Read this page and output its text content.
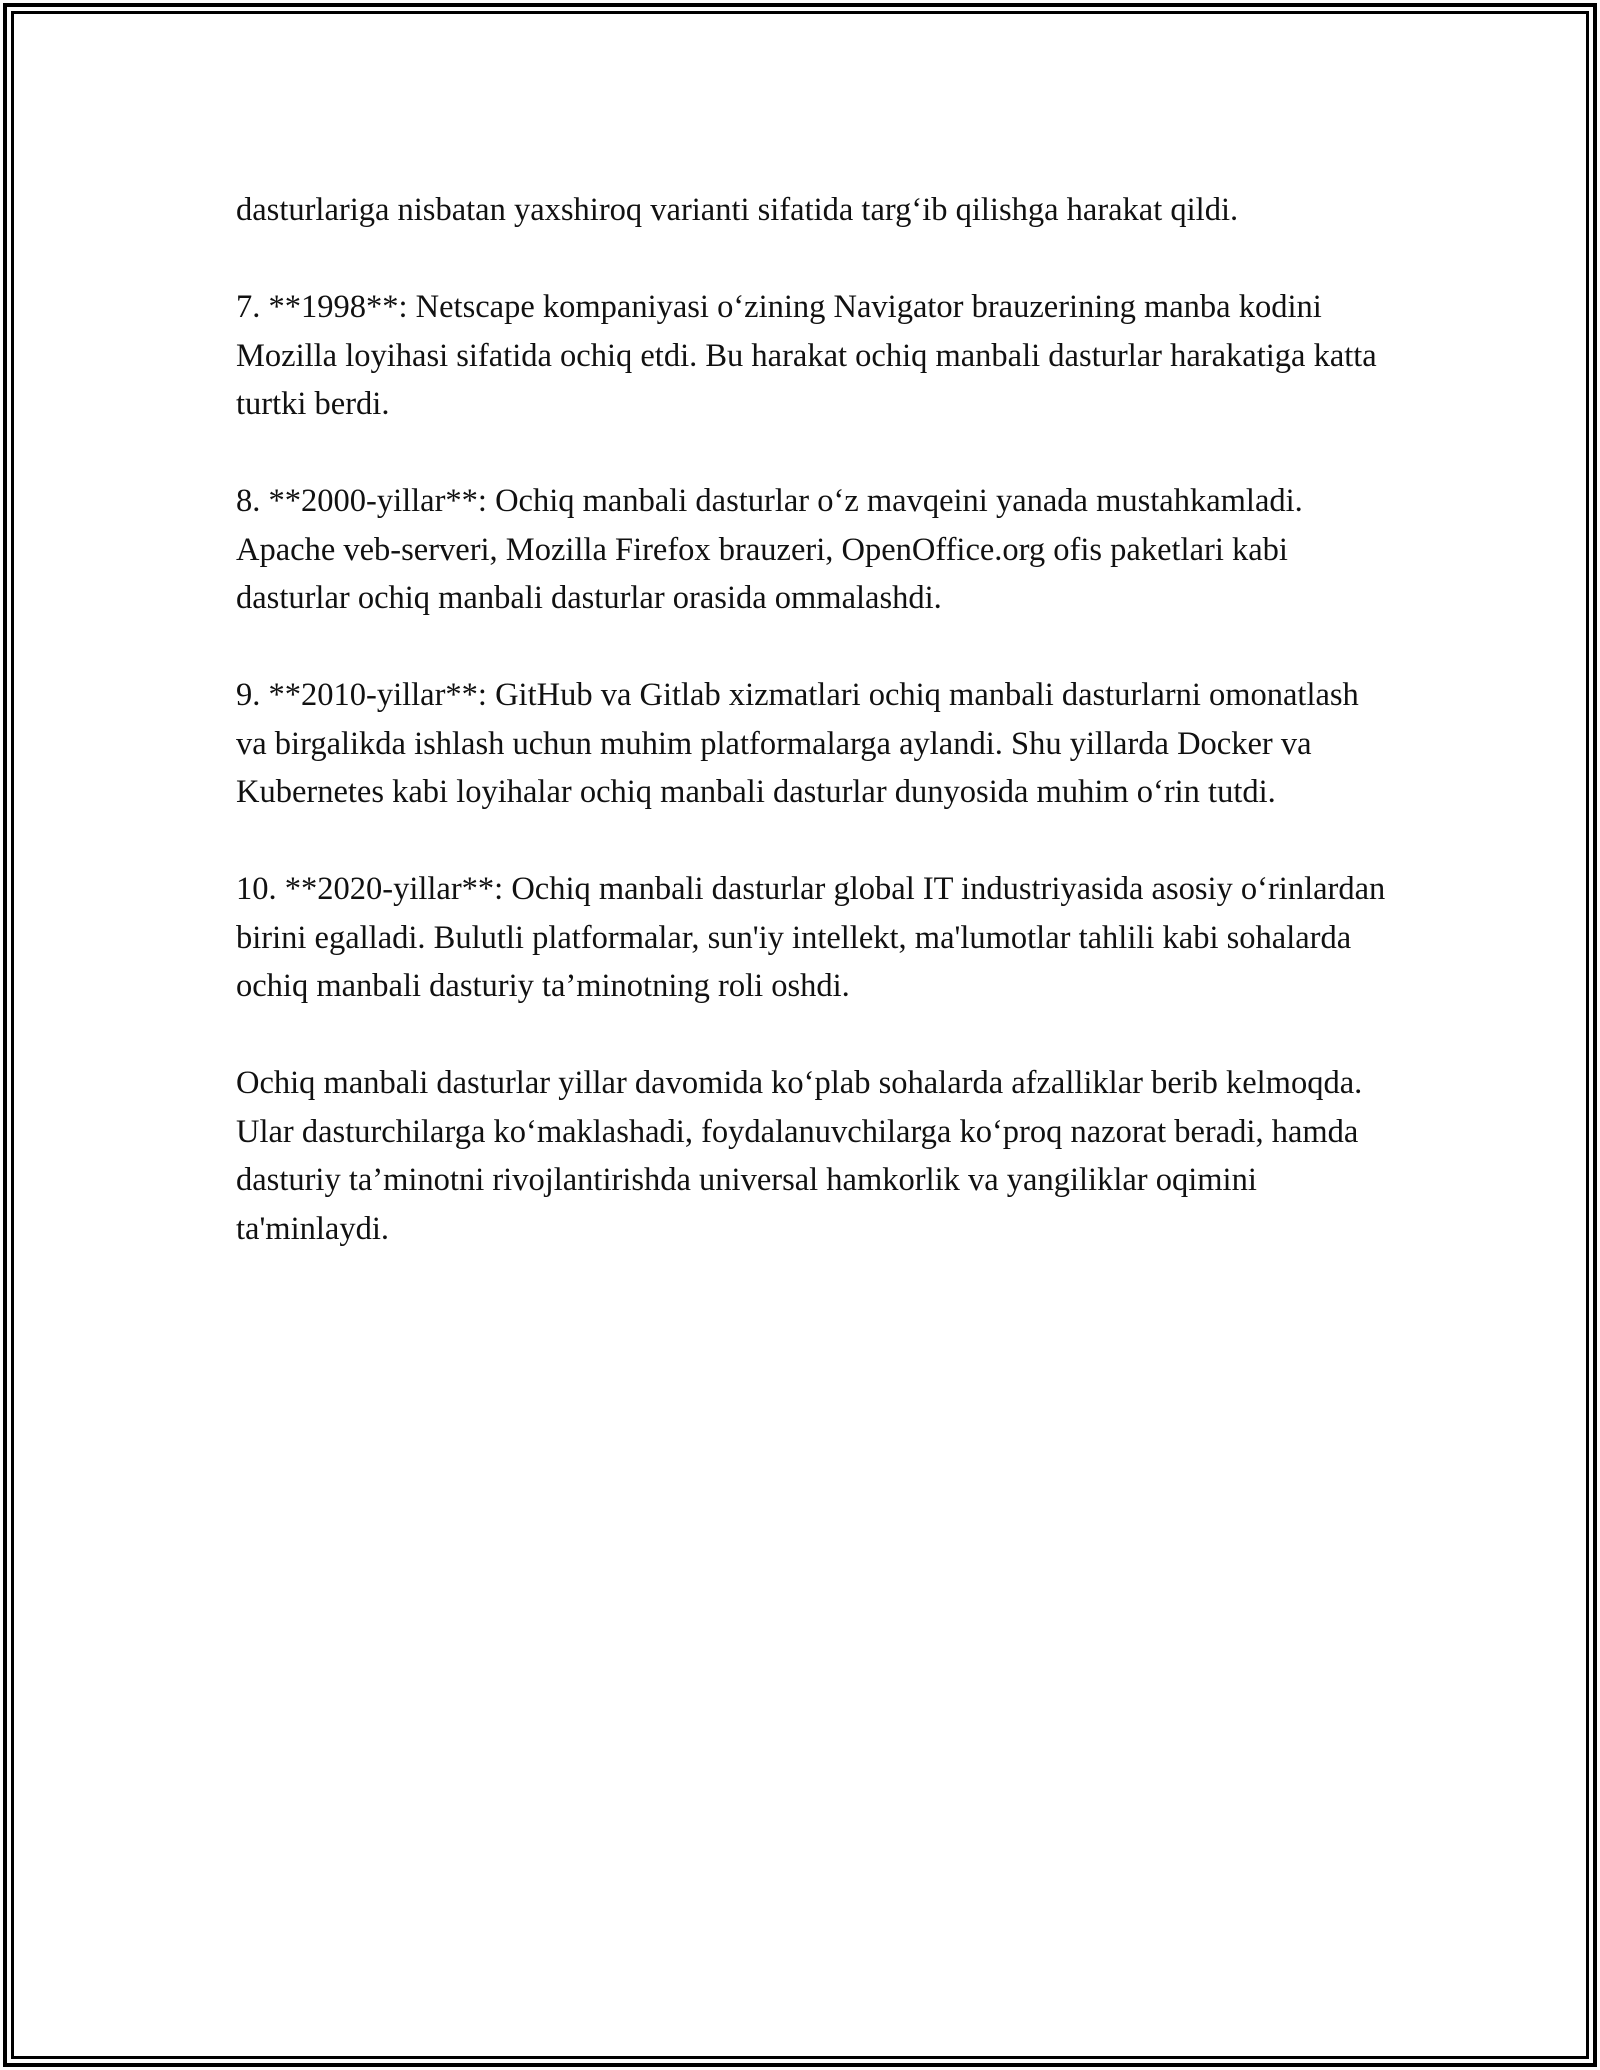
dasturlariga nisbatan yaxshiroq varianti sifatida targʻib qilishga harakat qildi.

7. **1998**: Netscape kompaniyasi oʻzining Navigator brauzerining manba kodini Mozilla loyihasi sifatida ochiq etdi. Bu harakat ochiq manbali dasturlar harakatiga katta turtki berdi.

8. **2000-yillar**: Ochiq manbali dasturlar oʻz mavqeini yanada mustahkamladi. Apache veb-serveri, Mozilla Firefox brauzeri, OpenOffice.org ofis paketlari kabi dasturlar ochiq manbali dasturlar orasida ommalashdi.

9. **2010-yillar**: GitHub va Gitlab xizmatlari ochiq manbali dasturlarni omonatlash va birgalikda ishlash uchun muhim platformalarga aylandi. Shu yillarda Docker va Kubernetes kabi loyihalar ochiq manbali dasturlar dunyosida muhim oʻrin tutdi.

10. **2020-yillar**: Ochiq manbali dasturlar global IT industriyasida asosiy oʻrinlardan birini egalladi. Bulutli platformalar, sun'iy intellekt, ma'lumotlar tahlili kabi sohalarda ochiq manbali dasturiy ta’minotning roli oshdi.

Ochiq manbali dasturlar yillar davomida koʻplab sohalarda afzalliklar berib kelmoqda. Ular dasturchilarga koʻmaklashadi, foydalanuvchilarga koʻproq nazorat beradi, hamda dasturiy ta’minotni rivojlantirishda universal hamkorlik va yangiliklar oqimini ta'minlaydi.
